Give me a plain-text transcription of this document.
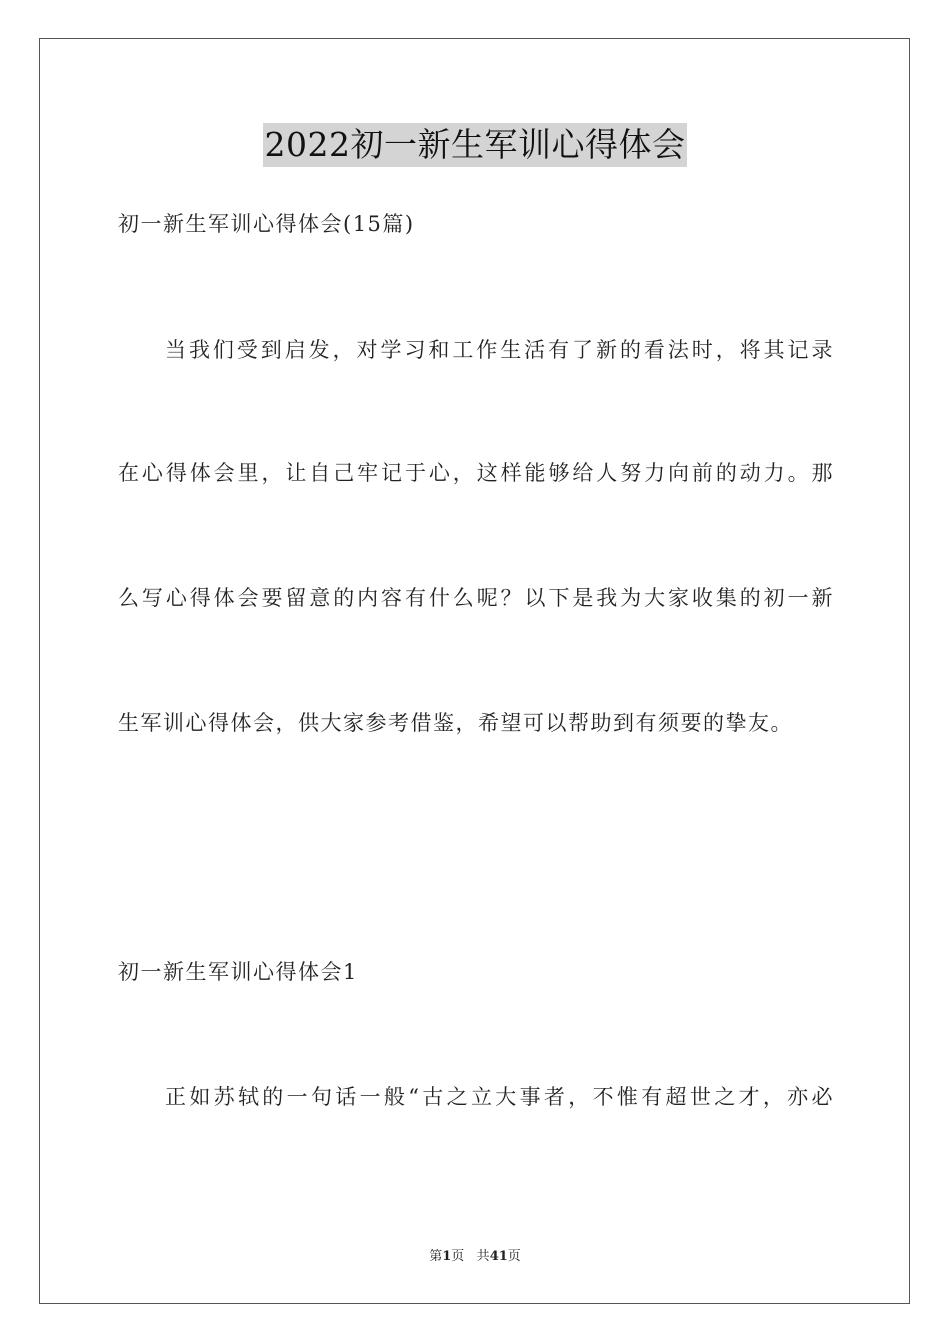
2022初一新生军训心得体会
初一新生军训心得体会(15篇)
当我们受到启发，对学习和工作生活有了新的看法时，将其记录
在心得体会里，让自己牢记于心，这样能够给人努力向前的动力。那
么写心得体会要留意的内容有什么呢？以下是我为大家收集的初一新
生军训心得体会，供大家参考借鉴，希望可以帮助到有须要的挚友。
初一新生军训心得体会1
正如苏轼的一句话一般“古之立大事者，不惟有超世之才，亦必
第1页 共41页
